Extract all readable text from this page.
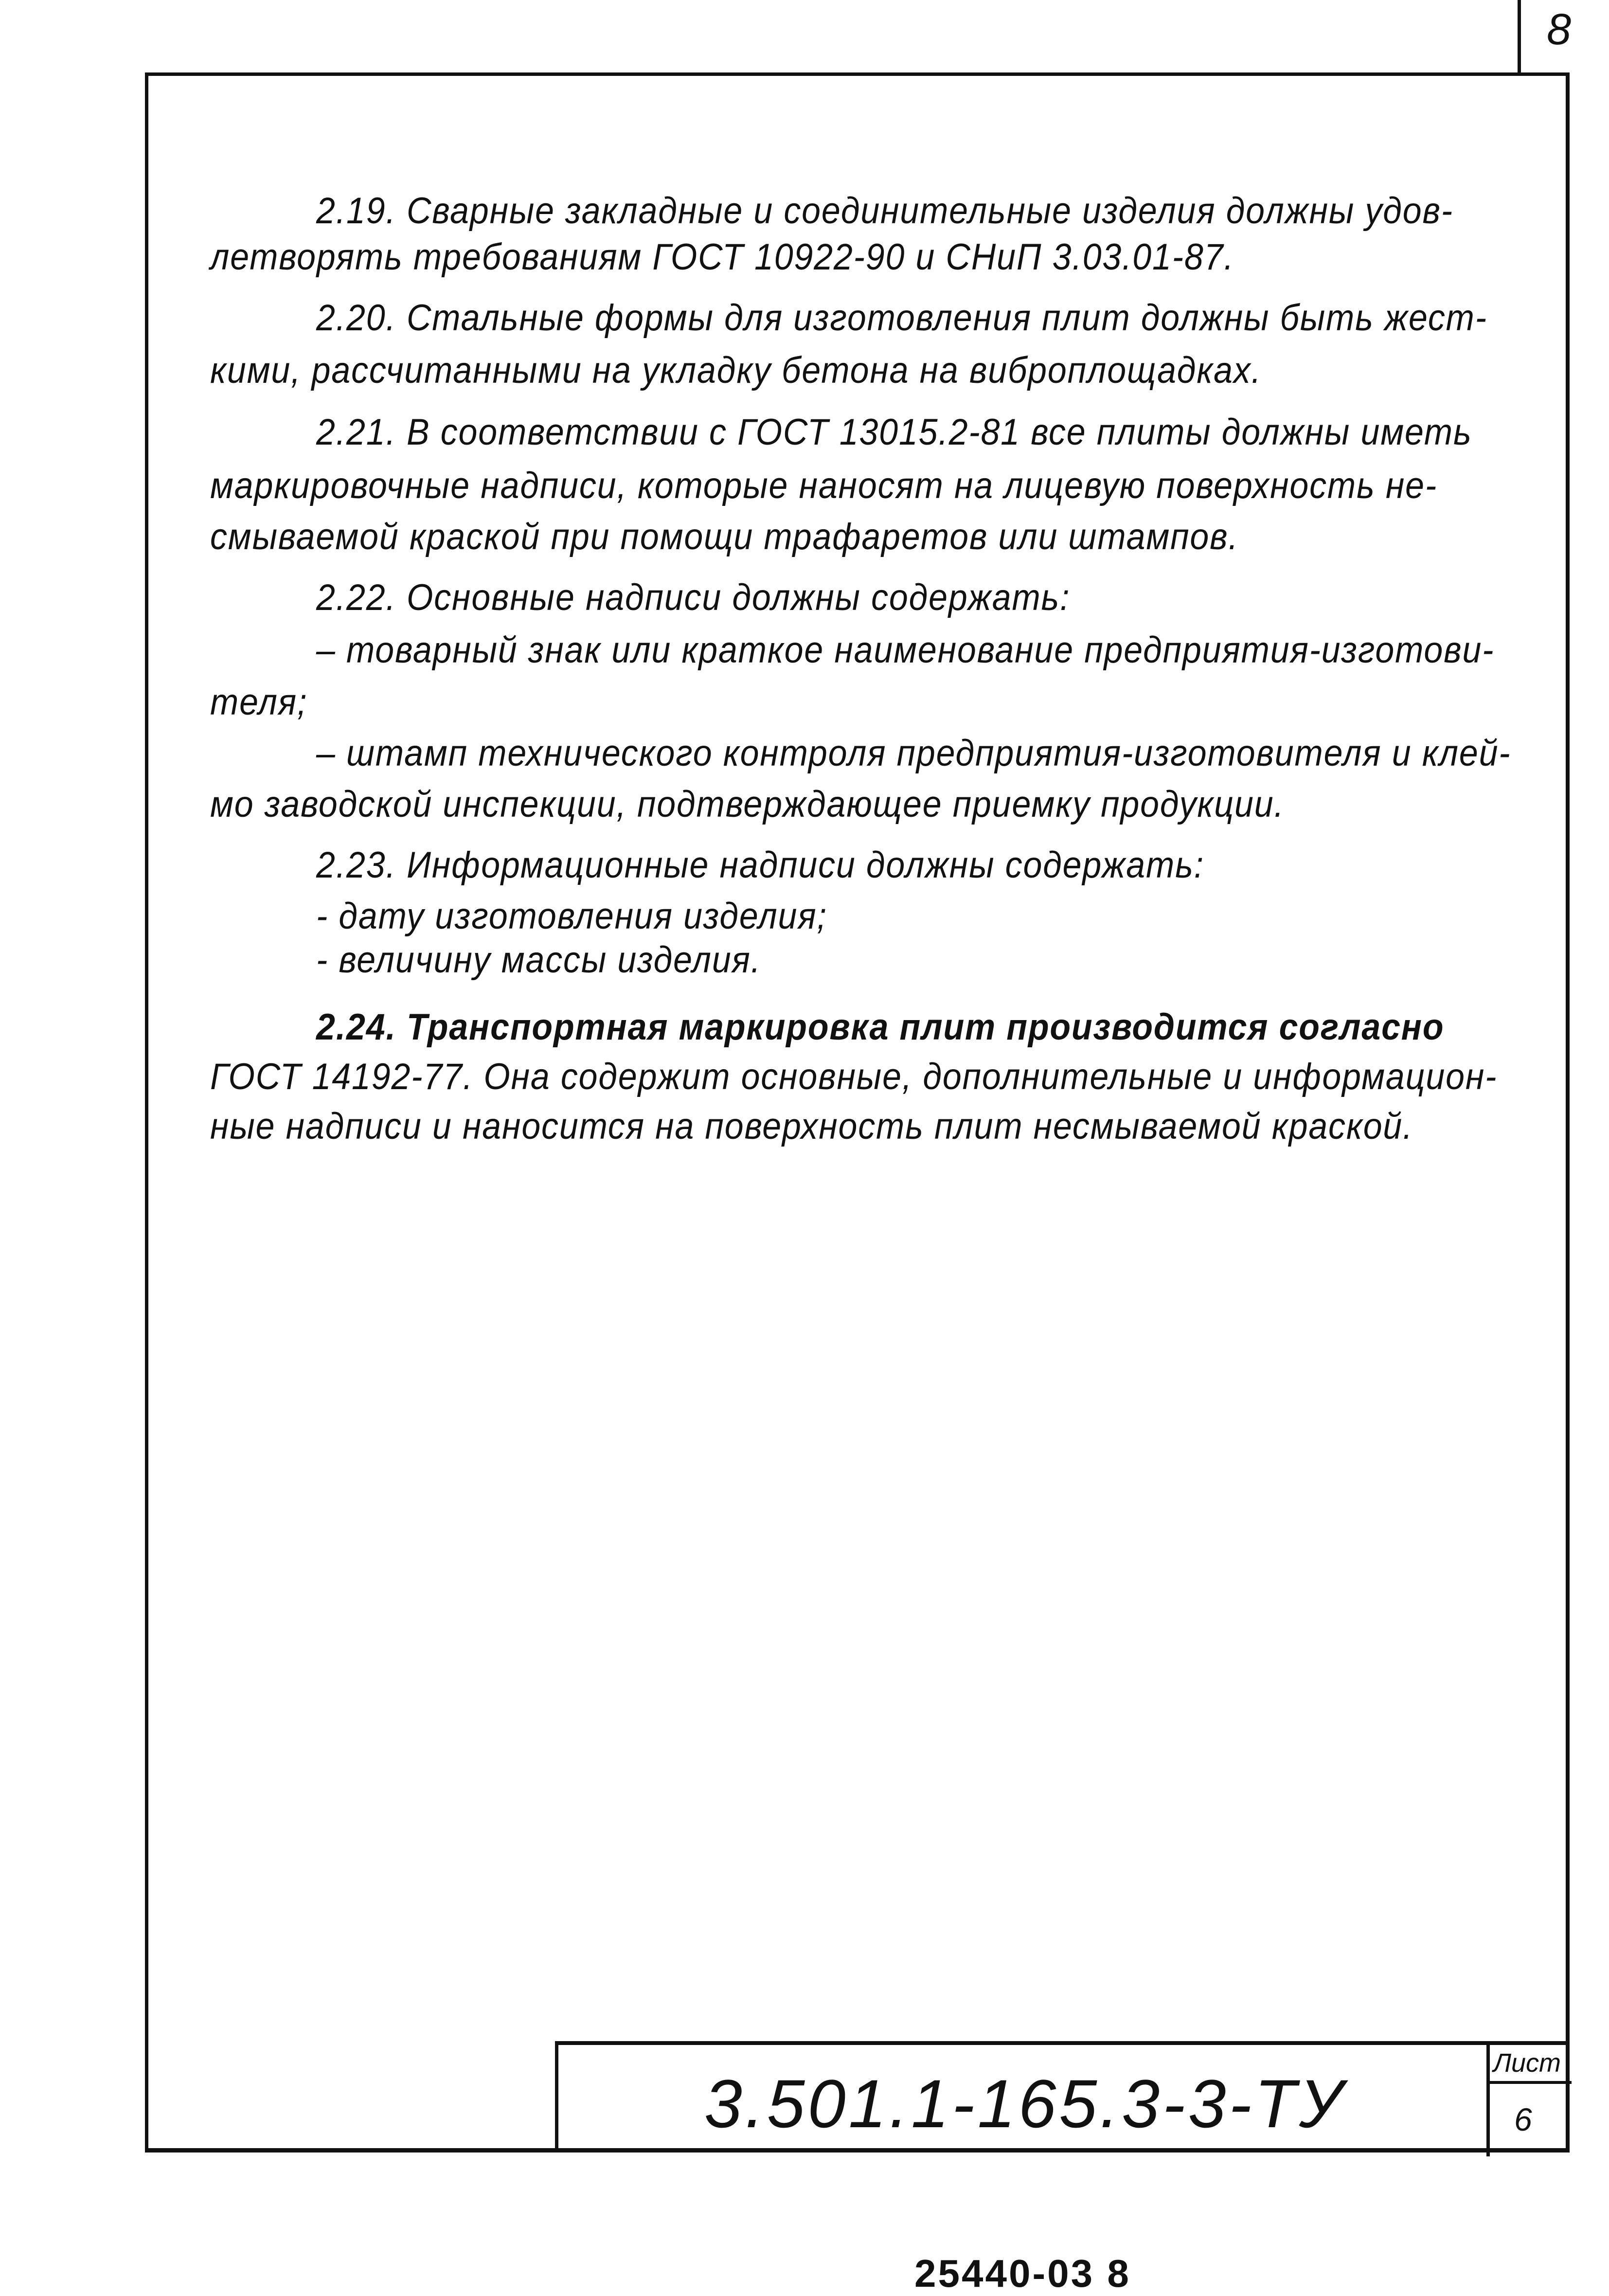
8
2.19. Сварные закладные и соединительные изделия должны удов-
летворять требованиям ГОСТ 10922-90 и СНиП 3.03.01-87.
2.20. Стальные формы для изготовления плит должны быть жест-
кими, рассчитанными на укладку бетона на виброплощадках.
2.21. В соответствии с ГОСТ 13015.2-81 все плиты должны иметь
маркировочные надписи, которые наносят на лицевую поверхность не-
смываемой краской при помощи трафаретов или штампов.
2.22. Основные надписи должны содержать:
– товарный знак или краткое наименование предприятия-изготови-
теля;
– штамп технического контроля предприятия-изготовителя и клей-
мо заводской инспекции, подтверждающее приемку продукции.
2.23. Информационные надписи должны содержать:
- дату изготовления изделия;
- величину массы изделия.
2.24. Транспортная маркировка плит производится согласно
ГОСТ 14192-77. Она содержит основные, дополнительные и информацион-
ные надписи и наносится на поверхность плит несмываемой краской.
3.501.1-165.3-3-ТУ
Лист
6
25440-03 8
